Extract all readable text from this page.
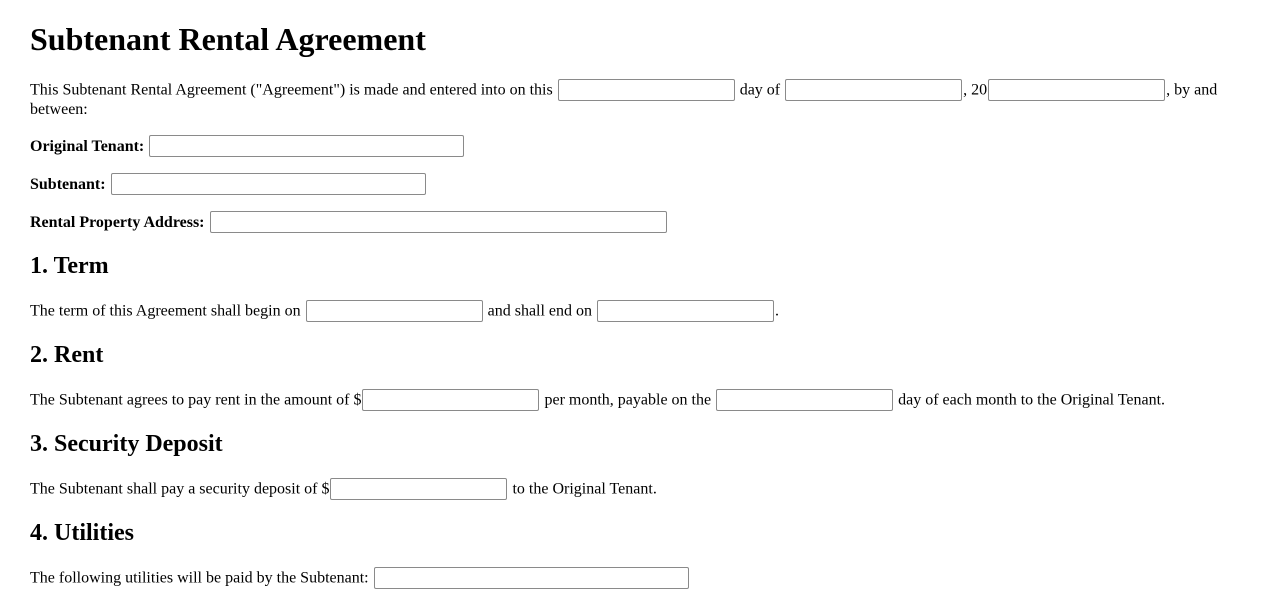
Subtenant Rental Agreement

This Subtenant Rental Agreement ("Agreement") is made and entered into on this	day of	, 20	, by and between:

Original Tenant:

Subtenant:

Rental Property Address:

1. Term

The term of this Agreement shall begin on	and shall end on	.

2. Rent

The Subtenant agrees to pay rent in the amount of $	per month, payable on the	day of each month to the Original Tenant.

3. Security Deposit

The Subtenant shall pay a security deposit of $	to the Original Tenant.

4. Utilities

The following utilities will be paid by the Subtenant:
